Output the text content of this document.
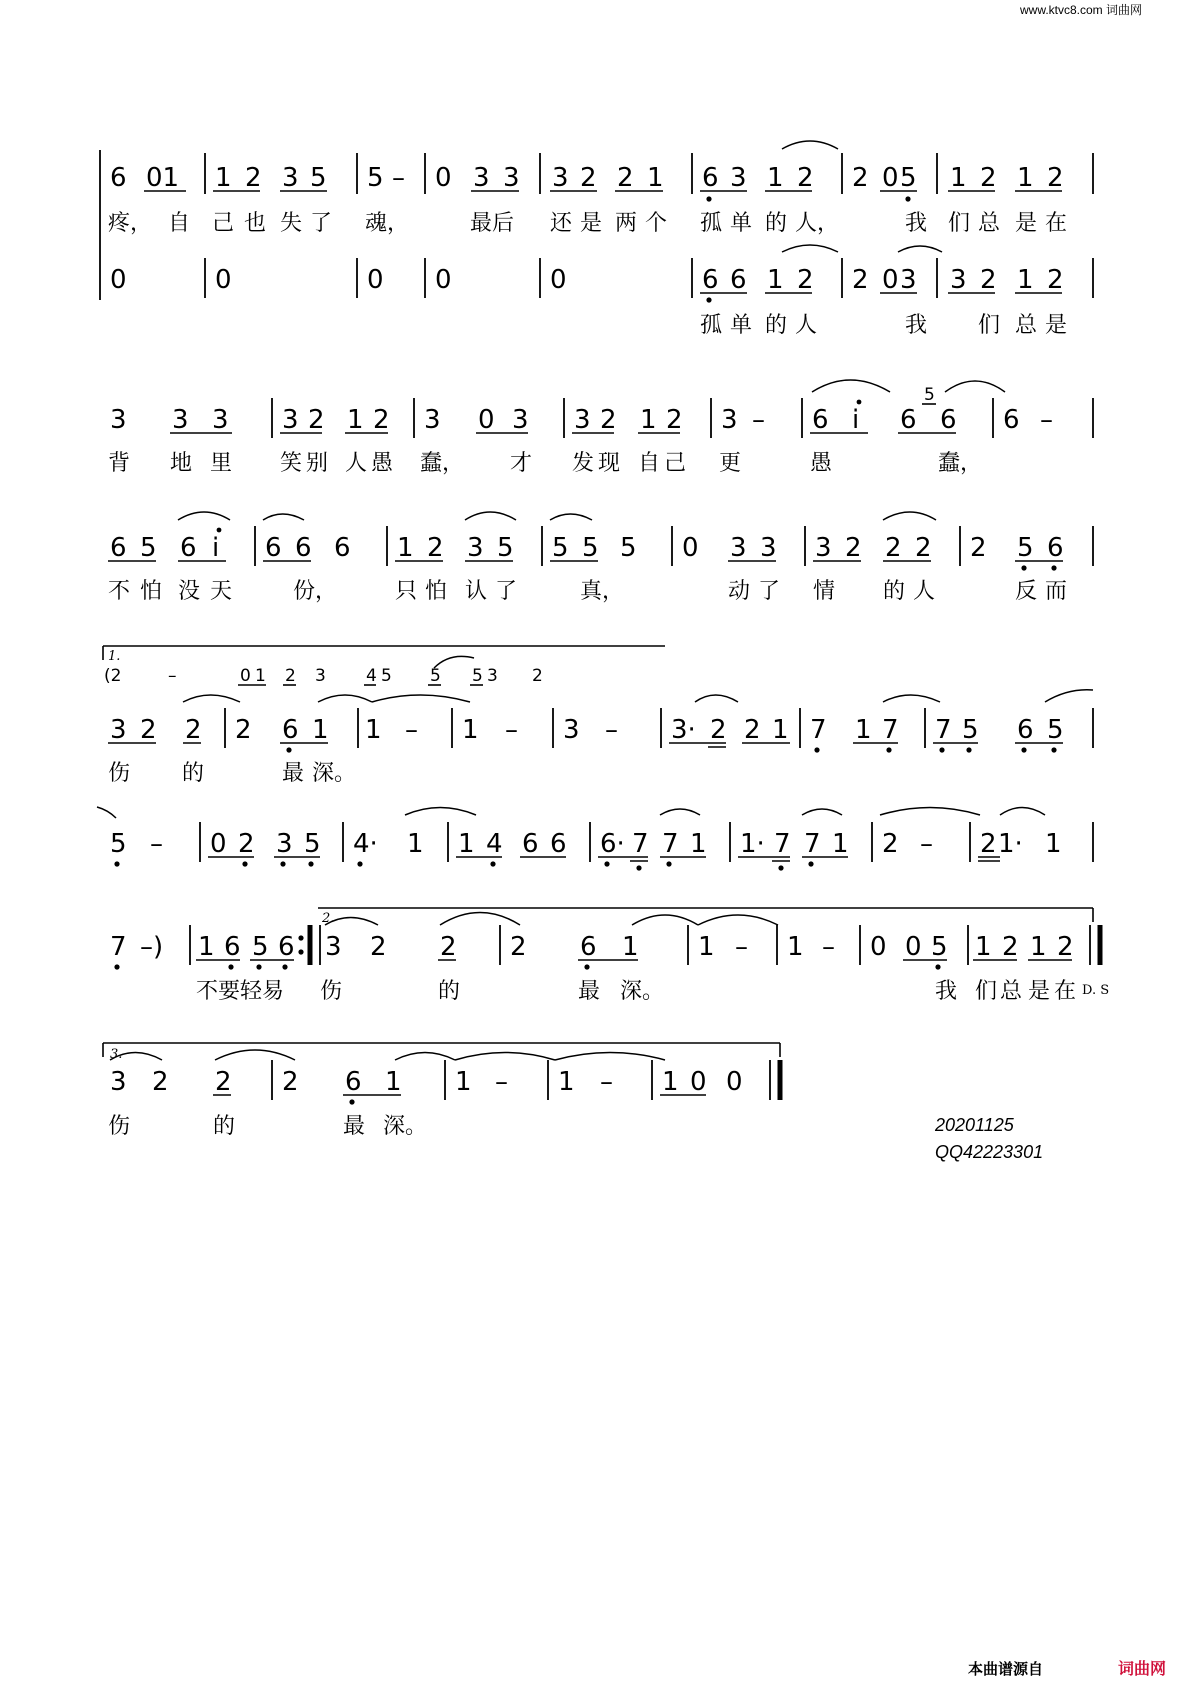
www.ktvc8.com 词曲网
6 01 1 2 3 5 5 – 0 3 3 3 2 2 1 6 3 1 2 2 0 5 1 2 1 2
疼， 自 己 也 失 了 魂，	最后 还 是 两 个 孤 单 的 人，	我 们 总 是 在
0	0	0 0	0	6 6 1 2 2 0 3 3 2 1 2
孤 单 的 人	我 们 总 是
3 3 3 3 2 1 2 3 0 3 3 2 1 2 3 – 6 i 6 6 6 –
5
背 地 里 笑 别 人 愚 蠢， 才 发 现 自 己 更	愚	蠢，
6 5 6 i 6 6 6 1 2 3 5 5 5 5 0 3 3 3 2 2 2 2 5 6
不 怕 没 天	份，	只 怕 认 了	真，	动 了 情 的 人	反 而
1.
(2	–	0 1 2 3 4 5 5 5 3 2
3 2 2 2 6 1 1 – 1 – 3 – 3· 2 2 1 7 1 7 7 5 6 5
伤 的	最 深。
5 – 0 2 3 5 4· 1 1 4 6 6 6· 7 7 1 1· 7 7 1 2 – 2 1· 1
2.
7 –) 1 6 5 6 3 2 2 2 6 1 1 – 1 – 0 0 5 1 2 1 2
D. S
不要轻易 伤	的	最 深。	我 们 总 是 在
3.
3 2 2 2 6 1 1 – 1 – 1 0 0
伤	的	最 深。	20201125
QQ42223301
本曲谱源自	词曲网
